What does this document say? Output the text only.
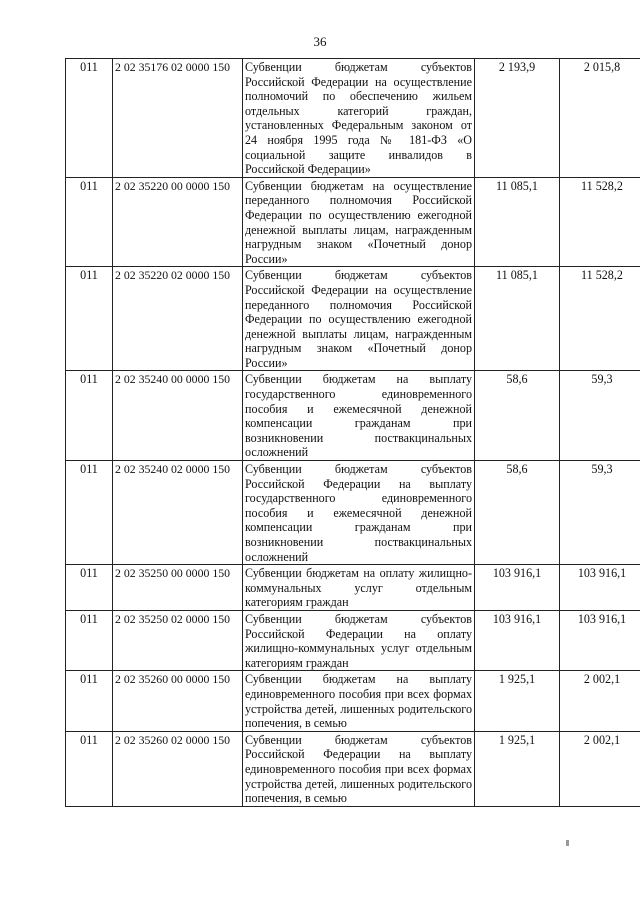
36
011	2 02 35176 02 0000 150	Субвенции бюджетам субъектов Российской Федерации на осуществление полномочий по обеспечению жильем отдельных категорий граждан, установленных Федеральным законом от 24 ноября 1995 года № 181-ФЗ «О социальной защите инвалидов в Российской Федерации»	2 193,9	2 015,8
011	2 02 35220 00 0000 150	Субвенции бюджетам на осуществление переданного полномочия Российской Федерации по осуществлению ежегодной денежной выплаты лицам, награжденным нагрудным знаком «Почетный донор России»	11 085,1	11 528,2
011	2 02 35220 02 0000 150	Субвенции бюджетам субъектов Российской Федерации на осуществление переданного полномочия Российской Федерации по осуществлению ежегодной денежной выплаты лицам, награжденным нагрудным знаком «Почетный донор России»	11 085,1	11 528,2
011	2 02 35240 00 0000 150	Субвенции бюджетам на выплату государственного единовременного пособия и ежемесячной денежной компенсации гражданам при возникновении поствакцинальных осложнений	58,6	59,3
011	2 02 35240 02 0000 150	Субвенции бюджетам субъектов Российской Федерации на выплату государственного единовременного пособия и ежемесячной денежной компенсации гражданам при возникновении поствакцинальных осложнений	58,6	59,3
011	2 02 35250 00 0000 150	Субвенции бюджетам на оплату жилищно-коммунальных услуг отдельным категориям граждан	103 916,1	103 916,1
011	2 02 35250 02 0000 150	Субвенции бюджетам субъектов Российской Федерации на оплату жилищно-коммунальных услуг отдельным категориям граждан	103 916,1	103 916,1
011	2 02 35260 00 0000 150	Субвенции бюджетам на выплату единовременного пособия при всех формах устройства детей, лишенных родительского попечения, в семью	1 925,1	2 002,1
011	2 02 35260 02 0000 150	Субвенции бюджетам субъектов Российской Федерации на выплату единовременного пособия при всех формах устройства детей, лишенных родительского попечения, в семью	1 925,1	2 002,1
